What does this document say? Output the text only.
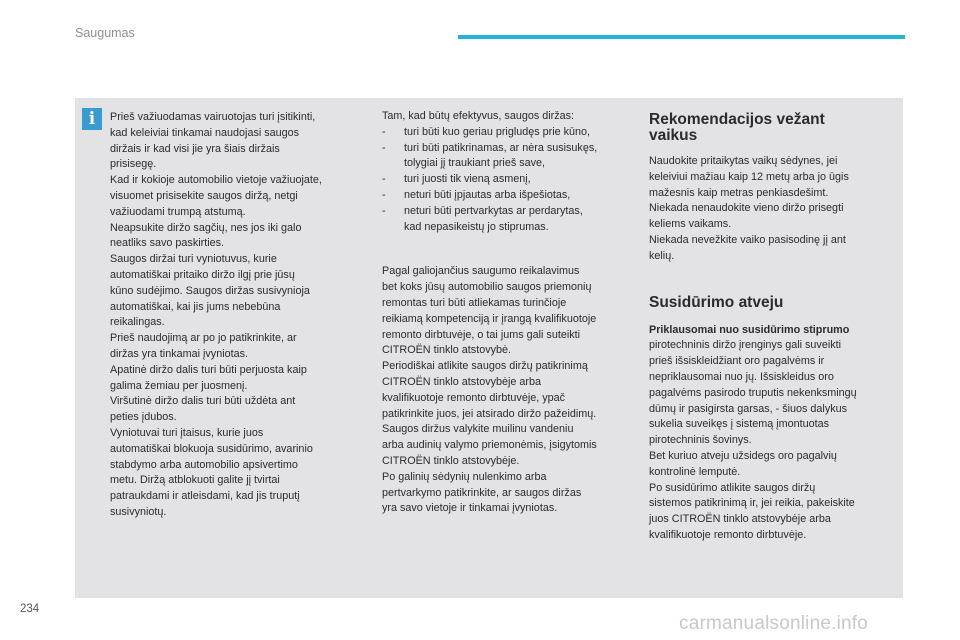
Saugumas
i	Prieš važiuodamas vairuotojas turi įsitikinti,
kad keleiviai tinkamai naudojasi saugos
diržais ir kad visi jie yra šiais diržais
prisisegę.
Kad ir kokioje automobilio vietoje važiuojate,
visuomet prisisekite saugos diržą, netgi
važiuodami trumpą atstumą.
Neapsukite diržo sagčių, nes jos iki galo
neatliks savo paskirties.
Saugos diržai turi vyniotuvus, kurie
automatiškai pritaiko diržo ilgį prie jūsų
kūno sudėjimo. Saugos diržas susivynioja
automatiškai, kai jis jums nebebūna
reikalingas.
Prieš naudojimą ar po jo patikrinkite, ar
diržas yra tinkamai įvyniotas.
Apatinė diržo dalis turi būti perjuosta kaip
galima žemiau per juosmenį.
Viršutinė diržo dalis turi būti uždėta ant
peties įdubos.
Vyniotuvai turi įtaisus, kurie juos
automatiškai blokuoja susidūrimo, avarinio
stabdymo arba automobilio apsivertimo
metu. Diržą atblokuoti galite jį tvirtai
patraukdami ir atleisdami, kad jis truputį
susivyniotų.
Tam, kad būtų efektyvus, saugos diržas:
- turi būti kuo geriau prigludęs prie kūno,
- turi būti patikrinamas, ar nėra susisukęs,
tolygiai jį traukiant prieš save,
- turi juosti tik vieną asmenį,
- neturi būti įpjautas arba išpešiotas,
- neturi būti pertvarkytas ar perdarytas,
kad nepasikeistų jo stiprumas.
Pagal galiojančius saugumo reikalavimus
bet koks jūsų automobilio saugos priemonių
remontas turi būti atliekamas turinčioje
reikiamą kompetenciją ir įrangą kvalifikuotoje
remonto dirbtuvėje, o tai jums gali suteikti
CITROËN tinklo atstovybė.
Periodiškai atlikite saugos diržų patikrinimą
CITROËN tinklo atstovybėje arba
kvalifikuotoje remonto dirbtuvėje, ypač
patikrinkite juos, jei atsirado diržo pažeidimų.
Saugos diržus valykite muilinu vandeniu
arba audinių valymo priemonėmis, įsigytomis
CITROËN tinklo atstovybėje.
Po galinių sėdynių nulenkimo arba
pertvarkymo patikrinkite, ar saugos diržas
yra savo vietoje ir tinkamai įvyniotas.
Rekomendacijos vežant
vaikus
Naudokite pritaikytas vaikų sėdynes, jei
keleiviui mažiau kaip 12 metų arba jo ūgis
mažesnis kaip metras penkiasdešimt.
Niekada nenaudokite vieno diržo prisegti
keliems vaikams.
Niekada nevežkite vaiko pasisodinę jį ant
kelių.
Susidūrimo atveju
Priklausomai nuo susidūrimo stiprumo
pirotechninis diržo įrenginys gali suveikti
prieš išsiskleidžiant oro pagalvėms ir
nepriklausomai nuo jų. Išsiskleidus oro
pagalvėms pasirodo truputis nekenksmingų
dūmų ir pasigirsta garsas, - šiuos dalykus
sukelia suveikęs į sistemą įmontuotas
pirotechninis šovinys.
Bet kuriuo atveju užsidegs oro pagalvių
kontrolinė lemputė.
Po susidūrimo atlikite saugos diržų
sistemos patikrinimą ir, jei reikia, pakeiskite
juos CITROËN tinklo atstovybėje arba
kvalifikuotoje remonto dirbtuvėje.
234
carmanualsonline.info
